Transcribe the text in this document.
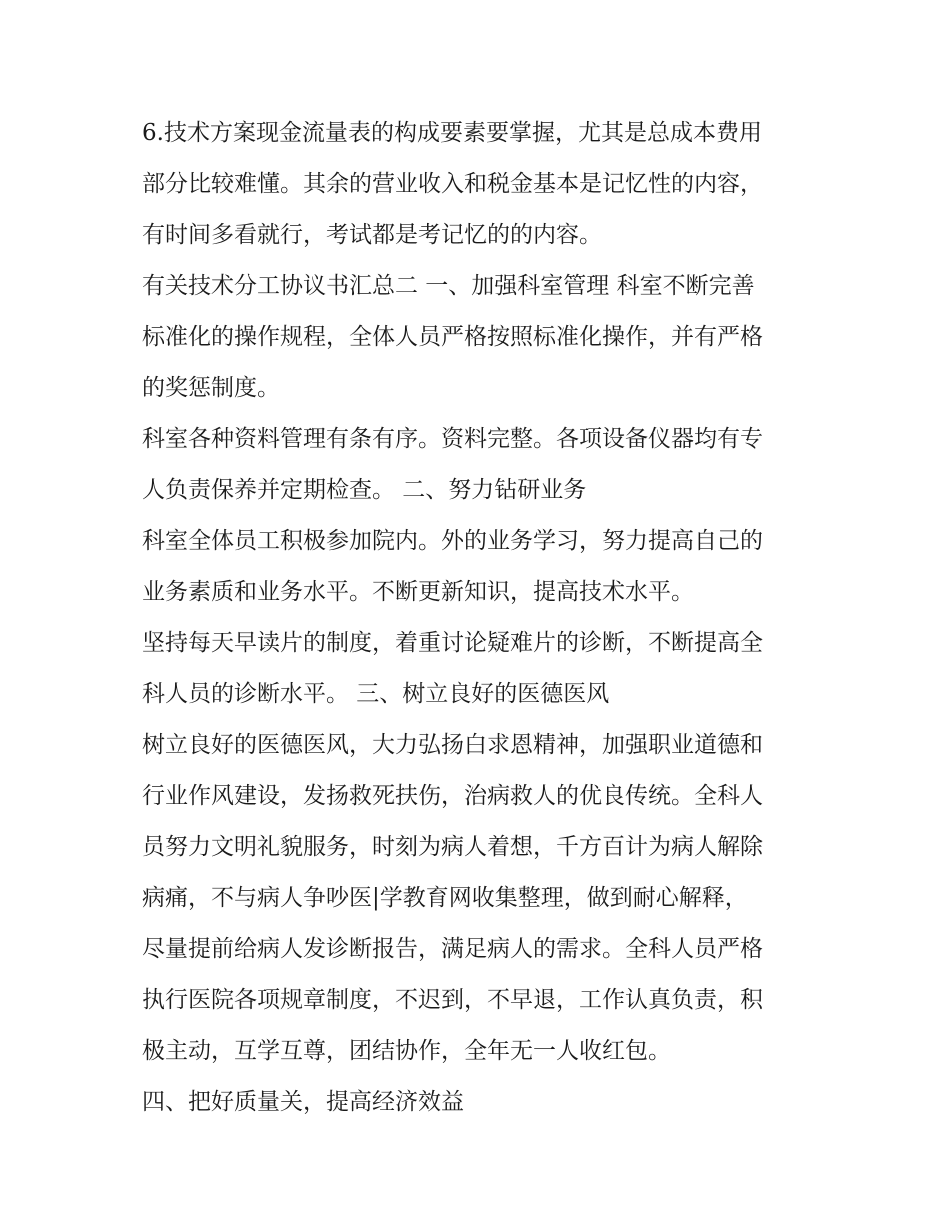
6.技术方案现金流量表的构成要素要掌握，尤其是总成本费用
部分比较难懂。其余的营业收入和税金基本是记忆性的内容，
有时间多看就行，考试都是考记忆的的内容。
有关技术分工协议书汇总二 一、加强科室管理 科室不断完善
标准化的操作规程，全体人员严格按照标准化操作，并有严格
的奖惩制度。
科室各种资料管理有条有序。资料完整。各项设备仪器均有专
人负责保养并定期检查。 二、努力钻研业务
科室全体员工积极参加院内。外的业务学习，努力提高自己的
业务素质和业务水平。不断更新知识，提高技术水平。
坚持每天早读片的制度，着重讨论疑难片的诊断，不断提高全
科人员的诊断水平。 三、树立良好的医德医风
树立良好的医德医风，大力弘扬白求恩精神，加强职业道德和
行业作风建设，发扬救死扶伤，治病救人的优良传统。全科人
员努力文明礼貌服务，时刻为病人着想，千方百计为病人解除
病痛，不与病人争吵医|学教育网收集整理，做到耐心解释，
尽量提前给病人发诊断报告，满足病人的需求。全科人员严格
执行医院各项规章制度，不迟到，不早退，工作认真负责，积
极主动，互学互尊，团结协作，全年无一人收红包。
四、把好质量关，提高经济效益
